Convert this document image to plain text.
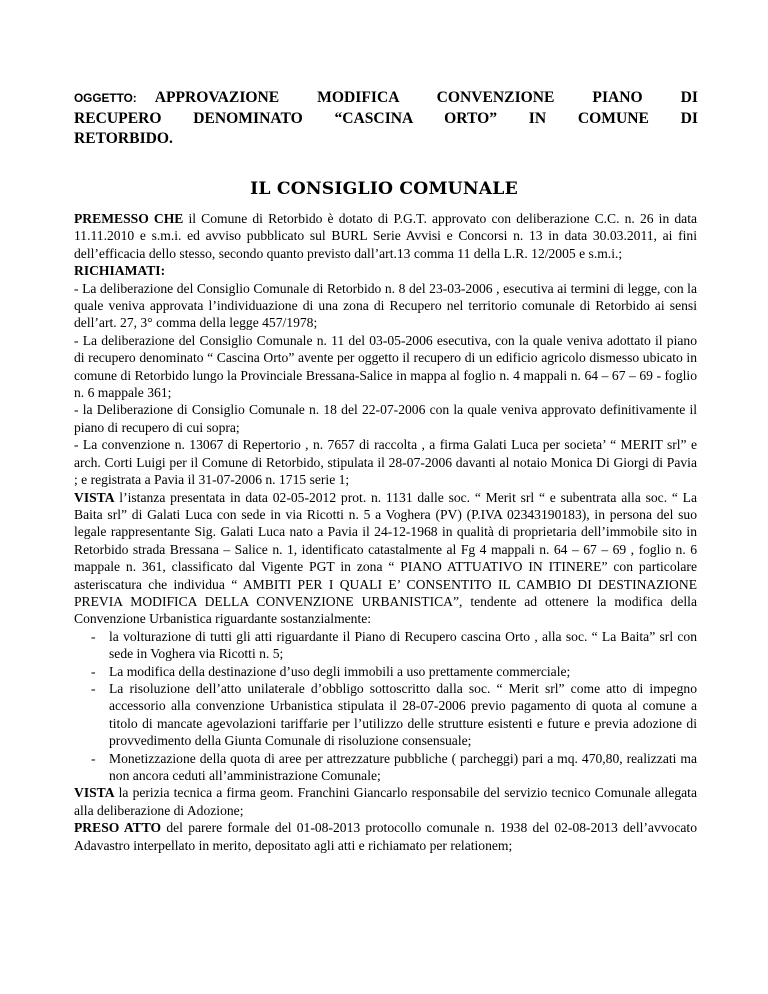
OGGETTO: APPROVAZIONE MODIFICA CONVENZIONE PIANO DI
RECUPERO DENOMINATO “CASCINA ORTO” IN COMUNE DI
RETORBIDO.
IL CONSIGLIO COMUNALE

PREMESSO CHE il Comune di Retorbido è dotato di P.G.T. approvato con deliberazione C.C. n. 26 in data 11.11.2010 e s.m.i. ed avviso pubblicato sul BURL Serie Avvisi e Concorsi n. 13 in data 30.03.2011, ai fini dell’efficacia dello stesso, secondo quanto previsto dall’art.13 comma 11 della L.R. 12/2005 e s.m.i.;

RICHIAMATI:

- La deliberazione del Consiglio Comunale di Retorbido n. 8 del 23-03-2006 , esecutiva ai termini di legge, con la quale veniva approvata l’individuazione di una zona di Recupero nel territorio comunale di Retorbido ai sensi dell’art. 27, 3° comma della legge 457/1978;

- La deliberazione del Consiglio Comunale n. 11 del 03-05-2006 esecutiva, con la quale veniva adottato il piano di recupero denominato “ Cascina Orto” avente per oggetto il recupero di un edificio agricolo dismesso ubicato in comune di Retorbido lungo la Provinciale Bressana-Salice in mappa al foglio n. 4 mappali n. 64 – 67 – 69 - foglio n. 6 mappale 361;

- la Deliberazione di Consiglio Comunale n. 18 del 22-07-2006 con la quale veniva approvato definitivamente il piano di recupero di cui sopra;

- La convenzione n. 13067 di Repertorio , n. 7657 di raccolta , a firma Galati Luca per societa’ “ MERIT srl” e arch. Corti Luigi per il Comune di Retorbido, stipulata il 28-07-2006 davanti al notaio Monica Di Giorgi di Pavia ; e registrata a Pavia il 31-07-2006 n. 1715 serie 1;

VISTA l’istanza presentata in data 02-05-2012 prot. n. 1131 dalle soc. “ Merit srl “ e subentrata alla soc. “ La Baita srl” di Galati Luca con sede in via Ricotti n. 5 a Voghera (PV) (P.IVA 02343190183), in persona del suo legale rappresentante Sig. Galati Luca nato a Pavia il 24-12-1968 in qualità di proprietaria dell’immobile sito in Retorbido strada Bressana – Salice n. 1, identificato catastalmente al Fg 4 mappali n. 64 – 67 – 69 , foglio n. 6 mappale n. 361, classificato dal Vigente PGT in zona “ PIANO ATTUATIVO IN ITINERE” con particolare asteriscatura che individua “ AMBITI PER I QUALI E’ CONSENTITO IL CAMBIO DI DESTINAZIONE PREVIA MODIFICA DELLA CONVENZIONE URBANISTICA”, tendente ad ottenere la modifica della Convenzione Urbanistica riguardante sostanzialmente:

- la volturazione di tutti gli atti riguardante il Piano di Recupero cascina Orto , alla soc. “ La Baita” srl con sede in Voghera via Ricotti n. 5;
- La modifica della destinazione d’uso degli immobili a uso prettamente commerciale;
- La risoluzione dell’atto unilaterale d’obbligo sottoscritto dalla soc. “ Merit srl” come atto di impegno accessorio alla convenzione Urbanistica stipulata il 28-07-2006 previo pagamento di quota al comune a titolo di mancate agevolazioni tariffarie per l’utilizzo delle strutture esistenti e future e previa adozione di provvedimento della Giunta Comunale di risoluzione consensuale;
- Monetizzazione della quota di aree per attrezzature pubbliche ( parcheggi) pari a mq. 470,80, realizzati ma non ancora ceduti all’amministrazione Comunale;

VISTA la perizia tecnica a firma geom. Franchini Giancarlo responsabile del servizio tecnico Comunale allegata alla deliberazione di Adozione;

PRESO ATTO del parere formale del 01-08-2013 protocollo comunale n. 1938 del 02-08-2013 dell’avvocato Adavastro interpellato in merito, depositato agli atti e richiamato per relationem;
